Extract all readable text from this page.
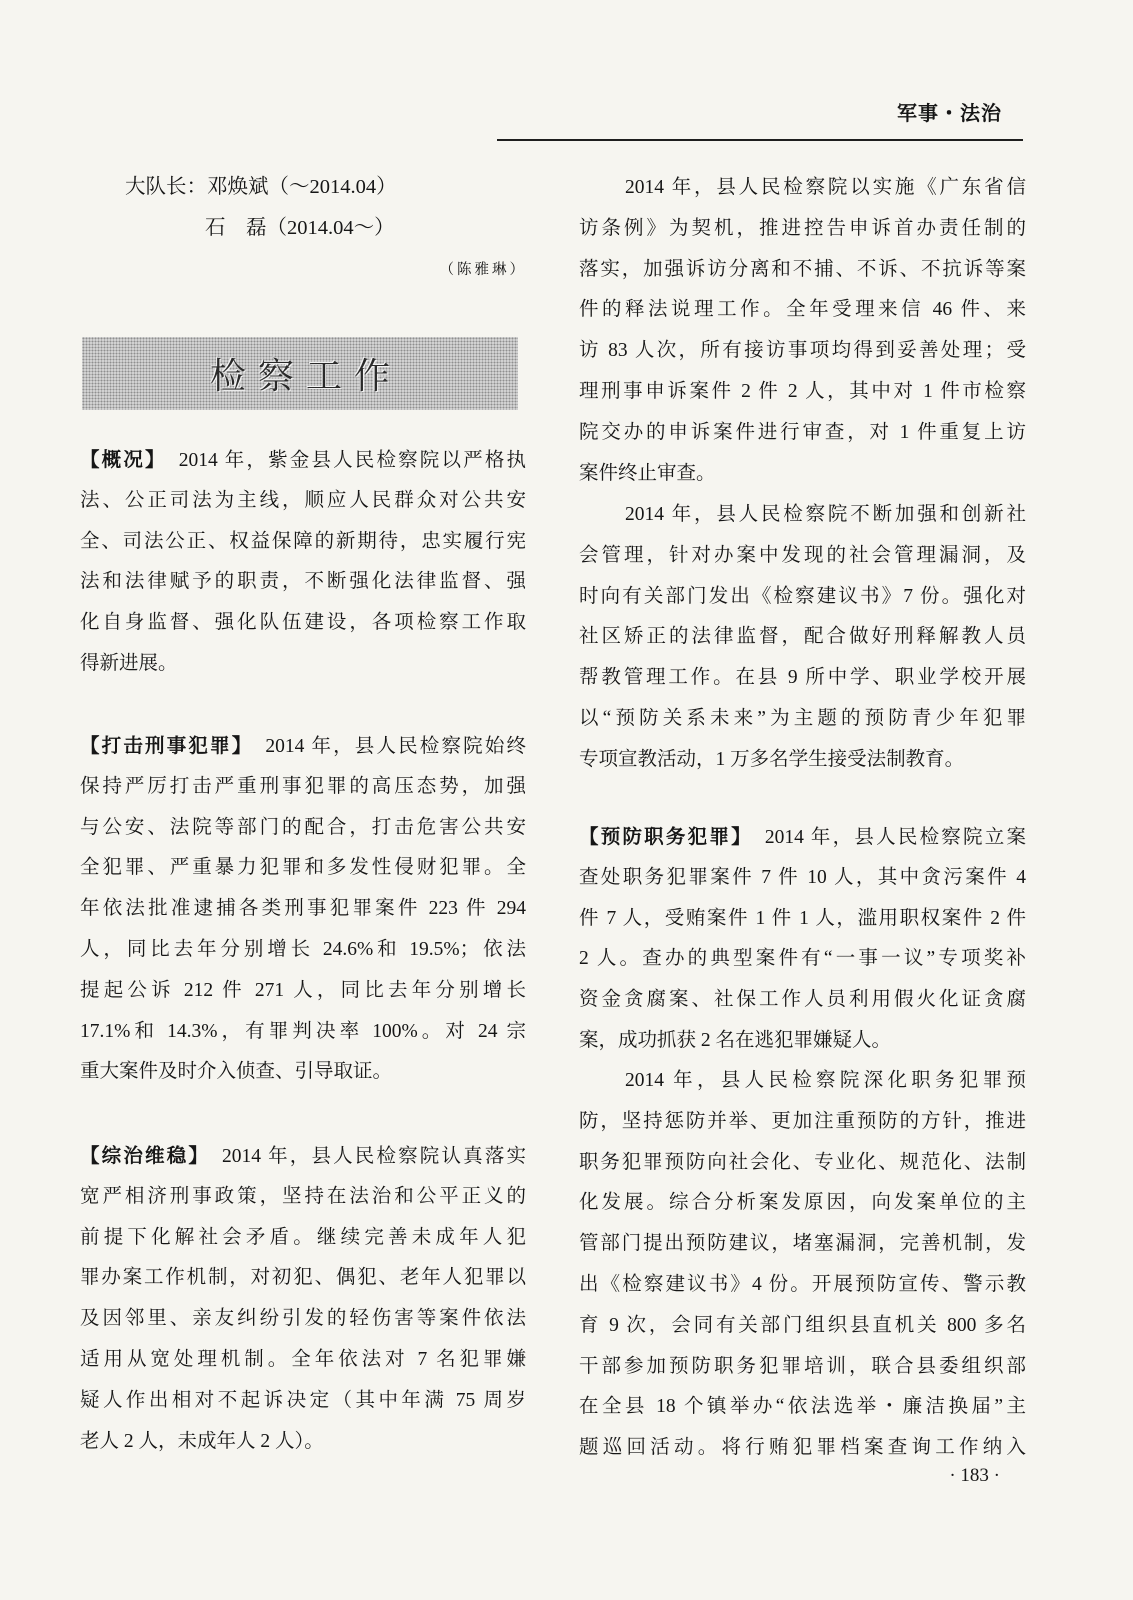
军事・法治
大队长：邓焕斌（～2014.04）
石　磊（2014.04～）
（陈雅琳）
检察工作
【概况】 2014 年，紫金县人民检察院以严格执
法、公正司法为主线，顺应人民群众对公共安
全、司法公正、权益保障的新期待，忠实履行宪
法和法律赋予的职责，不断强化法律监督、强
化自身监督、强化队伍建设，各项检察工作取
得新进展。
【打击刑事犯罪】 2014 年，县人民检察院始终
保持严厉打击严重刑事犯罪的高压态势，加强
与公安、法院等部门的配合，打击危害公共安
全犯罪、严重暴力犯罪和多发性侵财犯罪。全
年依法批准逮捕各类刑事犯罪案件 223 件 294
人，同比去年分别增长 24.6%和 19.5%；依法
提起公诉 212 件 271 人，同比去年分别增长
17.1%和 14.3%，有罪判决率 100%。对 24 宗
重大案件及时介入侦查、引导取证。
【综治维稳】 2014 年，县人民检察院认真落实
宽严相济刑事政策，坚持在法治和公平正义的
前提下化解社会矛盾。继续完善未成年人犯
罪办案工作机制，对初犯、偶犯、老年人犯罪以
及因邻里、亲友纠纷引发的轻伤害等案件依法
适用从宽处理机制。全年依法对 7 名犯罪嫌
疑人作出相对不起诉决定（其中年满 75 周岁
老人 2 人，未成年人 2 人）。
2014 年，县人民检察院以实施《广东省信
访条例》为契机，推进控告申诉首办责任制的
落实，加强诉访分离和不捕、不诉、不抗诉等案
件的释法说理工作。全年受理来信 46 件、来
访 83 人次，所有接访事项均得到妥善处理；受
理刑事申诉案件 2 件 2 人，其中对 1 件市检察
院交办的申诉案件进行审查，对 1 件重复上访
案件终止审查。
2014 年，县人民检察院不断加强和创新社
会管理，针对办案中发现的社会管理漏洞，及
时向有关部门发出《检察建议书》7 份。强化对
社区矫正的法律监督，配合做好刑释解教人员
帮教管理工作。在县 9 所中学、职业学校开展
以“预防关系未来”为主题的预防青少年犯罪
专项宣教活动，1 万多名学生接受法制教育。
【预防职务犯罪】 2014 年，县人民检察院立案
查处职务犯罪案件 7 件 10 人，其中贪污案件 4
件 7 人，受贿案件 1 件 1 人，滥用职权案件 2 件
2 人。查办的典型案件有“一事一议”专项奖补
资金贪腐案、社保工作人员利用假火化证贪腐
案，成功抓获 2 名在逃犯罪嫌疑人。
2014 年，县人民检察院深化职务犯罪预
防，坚持惩防并举、更加注重预防的方针，推进
职务犯罪预防向社会化、专业化、规范化、法制
化发展。综合分析案发原因，向发案单位的主
管部门提出预防建议，堵塞漏洞，完善机制，发
出《检察建议书》4 份。开展预防宣传、警示教
育 9 次，会同有关部门组织县直机关 800 多名
干部参加预防职务犯罪培训，联合县委组织部
在全县 18 个镇举办“依法选举・廉洁换届”主
题巡回活动。将行贿犯罪档案查询工作纳入
· 183 ·
